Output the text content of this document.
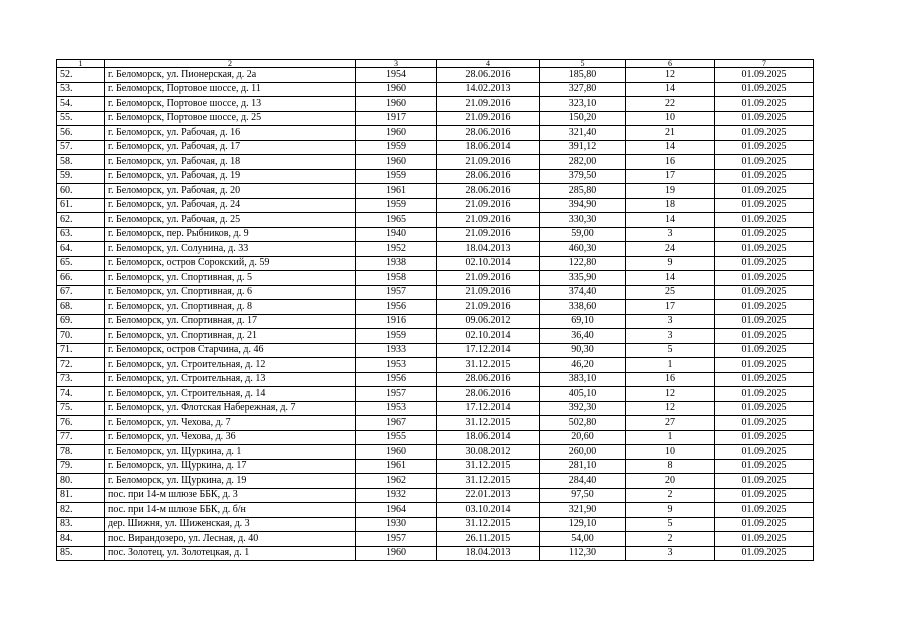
1	2	3	4	5	6	7
52.	г. Беломорск, ул. Пионерская, д. 2а	1954	28.06.2016	185,80	12	01.09.2025
53.	г. Беломорск, Портовое шоссе, д. 11	1960	14.02.2013	327,80	14	01.09.2025
54.	г. Беломорск, Портовое шоссе, д. 13	1960	21.09.2016	323,10	22	01.09.2025
55.	г. Беломорск, Портовое шоссе, д. 25	1917	21.09.2016	150,20	10	01.09.2025
56.	г. Беломорск, ул. Рабочая, д. 16	1960	28.06.2016	321,40	21	01.09.2025
57.	г. Беломорск, ул. Рабочая, д. 17	1959	18.06.2014	391,12	14	01.09.2025
58.	г. Беломорск, ул. Рабочая, д. 18	1960	21.09.2016	282,00	16	01.09.2025
59.	г. Беломорск, ул. Рабочая, д. 19	1959	28.06.2016	379,50	17	01.09.2025
60.	г. Беломорск, ул. Рабочая, д. 20	1961	28.06.2016	285,80	19	01.09.2025
61.	г. Беломорск, ул. Рабочая, д. 24	1959	21.09.2016	394,90	18	01.09.2025
62.	г. Беломорск, ул. Рабочая, д. 25	1965	21.09.2016	330,30	14	01.09.2025
63.	г. Беломорск, пер. Рыбников, д. 9	1940	21.09.2016	59,00	3	01.09.2025
64.	г. Беломорск, ул. Солунина, д. 33	1952	18.04.2013	460,30	24	01.09.2025
65.	г. Беломорск, остров Сорокский, д. 59	1938	02.10.2014	122,80	9	01.09.2025
66.	г. Беломорск, ул. Спортивная, д. 5	1958	21.09.2016	335,90	14	01.09.2025
67.	г. Беломорск, ул. Спортивная, д. 6	1957	21.09.2016	374,40	25	01.09.2025
68.	г. Беломорск, ул. Спортивная, д. 8	1956	21.09.2016	338,60	17	01.09.2025
69.	г. Беломорск, ул. Спортивная, д. 17	1916	09.06.2012	69,10	3	01.09.2025
70.	г. Беломорск, ул. Спортивная, д. 21	1959	02.10.2014	36,40	3	01.09.2025
71.	г. Беломорск, остров Старчина, д. 46	1933	17.12.2014	90,30	5	01.09.2025
72.	г. Беломорск, ул. Строительная, д. 12	1953	31.12.2015	46,20	1	01.09.2025
73.	г. Беломорск, ул. Строительная, д. 13	1956	28.06.2016	383,10	16	01.09.2025
74.	г. Беломорск, ул. Строительная, д. 14	1957	28.06.2016	405,10	12	01.09.2025
75.	г. Беломорск, ул. Флотская Набережная, д. 7	1953	17.12.2014	392,30	12	01.09.2025
76.	г. Беломорск, ул. Чехова, д. 7	1967	31.12.2015	502,80	27	01.09.2025
77.	г. Беломорск, ул. Чехова, д. 36	1955	18.06.2014	20,60	1	01.09.2025
78.	г. Беломорск, ул. Щуркина, д. 1	1960	30.08.2012	260,00	10	01.09.2025
79.	г. Беломорск, ул. Щуркина, д. 17	1961	31.12.2015	281,10	8	01.09.2025
80.	г. Беломорск, ул. Щуркина, д. 19	1962	31.12.2015	284,40	20	01.09.2025
81.	пос. при 14-м шлюзе ББК, д. 3	1932	22.01.2013	97,50	2	01.09.2025
82.	пос. при 14-м шлюзе ББК, д. б/н	1964	03.10.2014	321,90	9	01.09.2025
83.	дер. Шижня, ул. Шиженская, д. 3	1930	31.12.2015	129,10	5	01.09.2025
84.	пос. Вирандозеро, ул. Лесная, д. 40	1957	26.11.2015	54,00	2	01.09.2025
85.	пос. Золотец, ул. Золотецкая, д. 1	1960	18.04.2013	112,30	3	01.09.2025
